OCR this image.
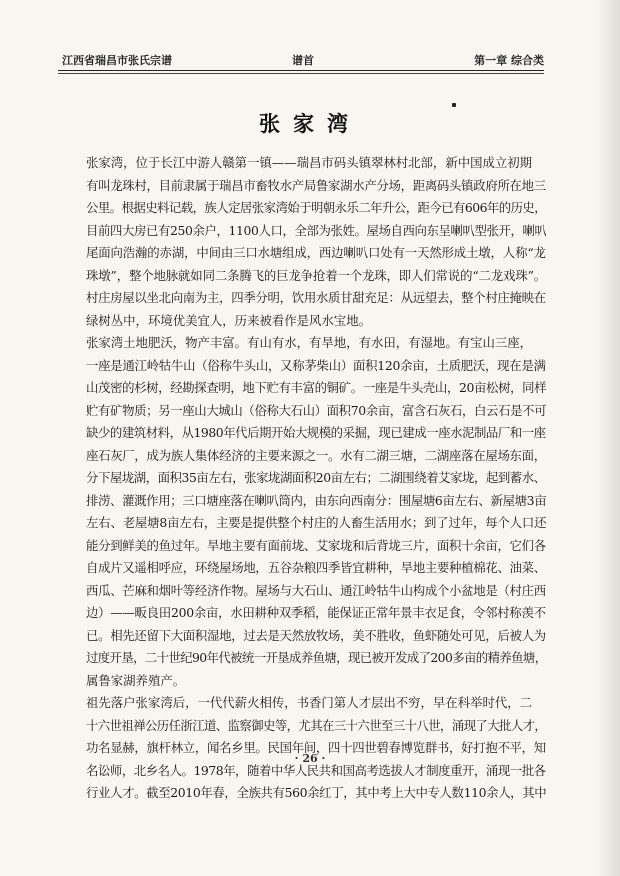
江西省瑞昌市张氏宗谱	谱首	第一章 综合类
张家湾
张家湾，位于长江中游人赣第一镇——瑞昌市码头镇翠林村北部，新中国成立初期
有叫龙珠村，目前隶属于瑞昌市畜牧水产局鲁家湖水产分场，距离码头镇政府所在地三
公里。根据史料记载，族人定居张家湾始于明朝永乐二年升公，距今已有606年的历史，
目前四大房已有250余户，1100人口，全部为张姓。屋场自西向东呈喇叭型张开，喇叭
尾面向浩瀚的赤湖，中间由三口水塘组成，西边喇叭口处有一天然形成土墩，人称“龙
珠墩”，整个地脉就如同二条腾飞的巨龙争抢着一个龙珠，即人们常说的“二龙戏珠”。
村庄房屋以坐北向南为主，四季分明，饮用水质甘甜充足：从远望去，整个村庄掩映在
绿树丛中，环境优美宜人，历来被看作是风水宝地。
张家湾土地肥沃，物产丰富。有山有水，有旱地，有水田，有湿地。有宝山三座，
一座是通江岭牯牛山（俗称牛头山，又称茅柴山）面积120余亩，土质肥沃，现在是满
山茂密的杉树，经勘探查明，地下贮有丰富的铜矿。一座是牛头壳山，20亩松树，同样
贮有矿物质；另一座山大城山（俗称大石山）面积70余亩，富含石灰石，白云石是不可
缺少的建筑材料，从1980年代后期开始大规模的采掘，现已建成一座水泥制品厂和一座
座石灰厂，成为族人集体经济的主要来源之一。水有二湖三塘，二湖座落在屋场东面，
分下屋垅湖，面积35亩左右，张家垅湖面积20亩左右；二湖围绕着艾家垅，起到蓄水、
排涝、灌溉作用；三口塘座落在喇叭筒内，由东向西南分：围屋塘6亩左右、新屋塘3亩
左右、老屋塘8亩左右，主要是提供整个村庄的人畜生活用水；到了过年，每个人口还
能分到鲜美的鱼过年。旱地主要有面前垅、艾家垅和后背垅三片，面积十余亩，它们各
自成片又遥相呼应，环绕屋场地，五谷杂粮四季皆宜耕种，旱地主要种植棉花、油菜、
西瓜、芒麻和烟叶等经济作物。屋场与大石山、通江岭牯牛山构成个小盆地是（村庄西
边）——畈良田200余亩，水田耕种双季稻，能保证正常年景丰衣足食，令邻村称羡不
已。相先还留下大面积湿地，过去是天然放牧场，美不胜收，鱼虾随处可见，后被人为
过度开垦，二十世纪90年代被统一开垦成养鱼塘，现已被开发成了200多亩的精养鱼塘，
属鲁家湖养殖产。
祖先落户张家湾后，一代代薪火相传，书香门第人才层出不穷，早在科举时代，二
十六世祖禅公历任浙江道、监察御史等，尤其在三十六世至三十八世，涌现了大批人才，
功名显赫，旗杆林立，闻名乡里。民国年间，四十四世碧春博览群书，好打抱不平，知
名讼师，北乡名人。1978年，随着中华人民共和国高考选拔人才制度重开，涌现一批各
行业人才。截至2010年春，全族共有560余红丁，其中考上大中专人数110余人，其中
· 26 ·
